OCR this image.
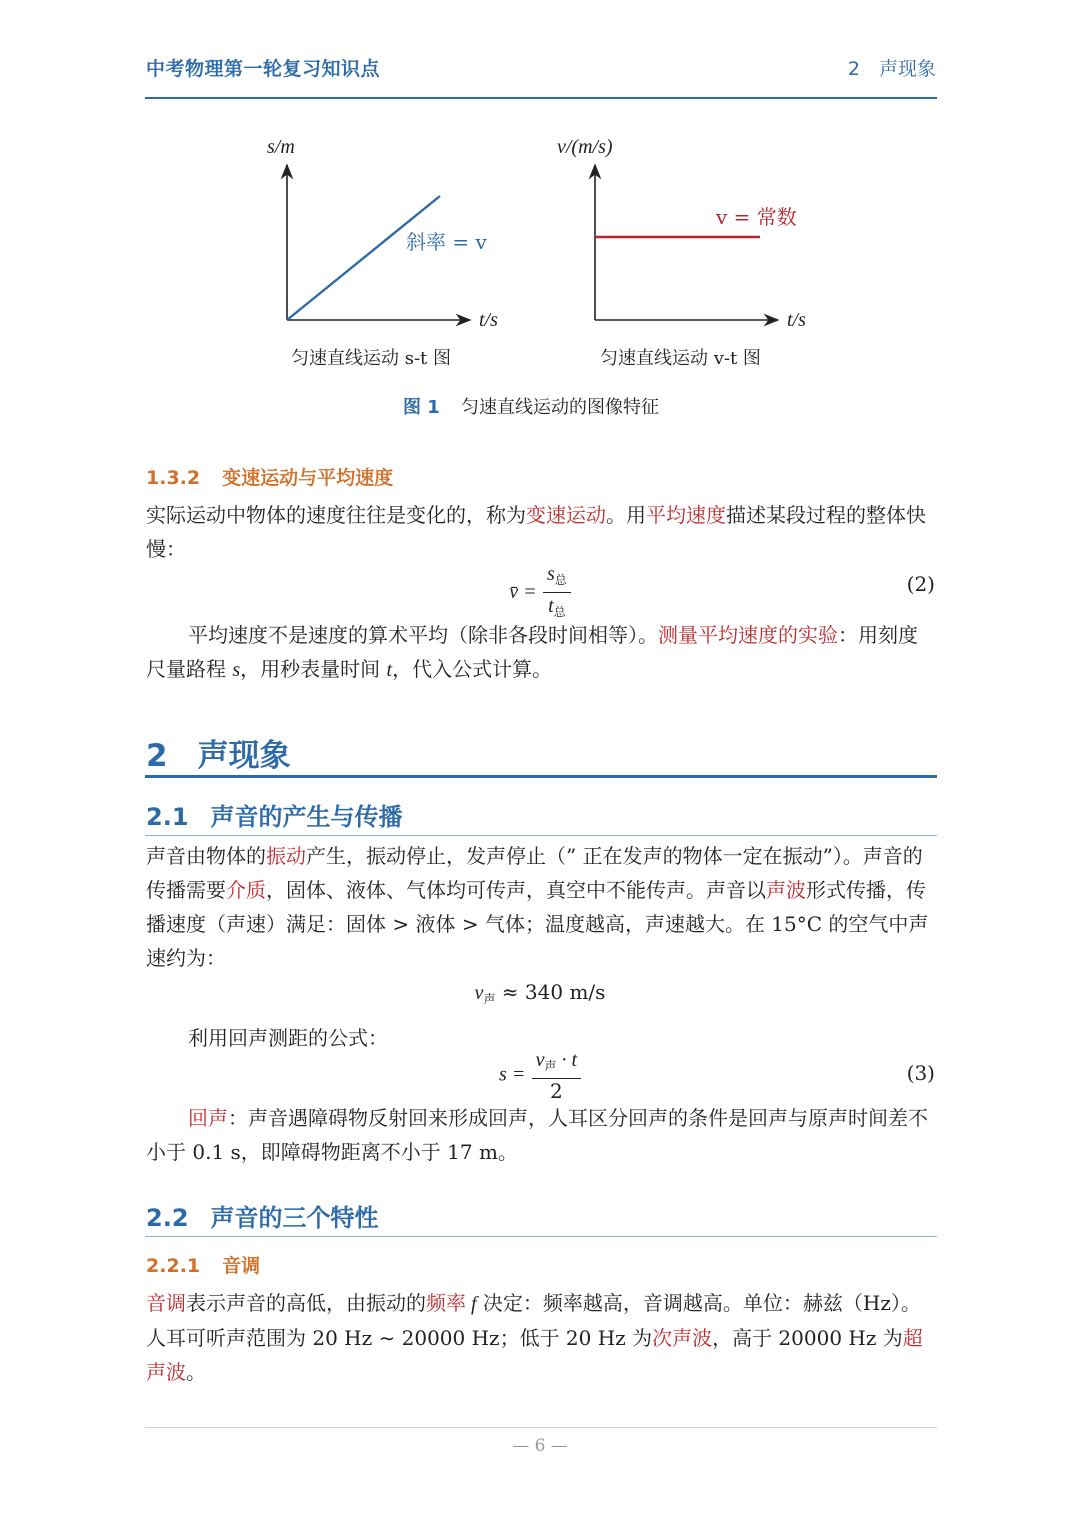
中考物理第一轮复习知识点	2　声现象
s/m
t/s
斜率 = v
匀速直线运动 s-t 图
v/(m/s)
t/s
v = 常数
匀速直线运动 v-t 图
图 1 匀速直线运动的图像特征
1.3.2 变速运动与平均速度
实际运动中物体的速度往往是变化的，称为变速运动。用平均速度描述某段过程的整体快慢：
v̄ = $\frac{s_总}{t_总}$	(2)
平均速度不是速度的算术平均（除非各段时间相等）。测量平均速度的实验：用刻度尺量路程 s，用秒表量时间 t，代入公式计算。
2 声现象
2.1 声音的产生与传播
声音由物体的振动产生，振动停止，发声停止（” 正在发声的物体一定在振动”）。声音的传播需要介质，固体、液体、气体均可传声，真空中不能传声。声音以声波形式传播，传播速度（声速）满足：固体 > 液体 > 气体；温度越高，声速越大。在 15°C 的空气中声速约为：
$v_声 \approx 340$ m/s
利用回声测距的公式：
$s = \frac{v_声 \cdot t}{2}$	(3)
回声：声音遇障碍物反射回来形成回声，人耳区分回声的条件是回声与原声时间差不小于 0.1 s，即障碍物距离不小于 17 m。
2.2 声音的三个特性
2.2.1 音调
音调表示声音的高低，由振动的频率 f 决定：频率越高，音调越高。单位：赫兹（Hz）。人耳可听声范围为 20 Hz ∼ 20000 Hz；低于 20 Hz 为次声波，高于 20000 Hz 为超声波。
— 6 —
